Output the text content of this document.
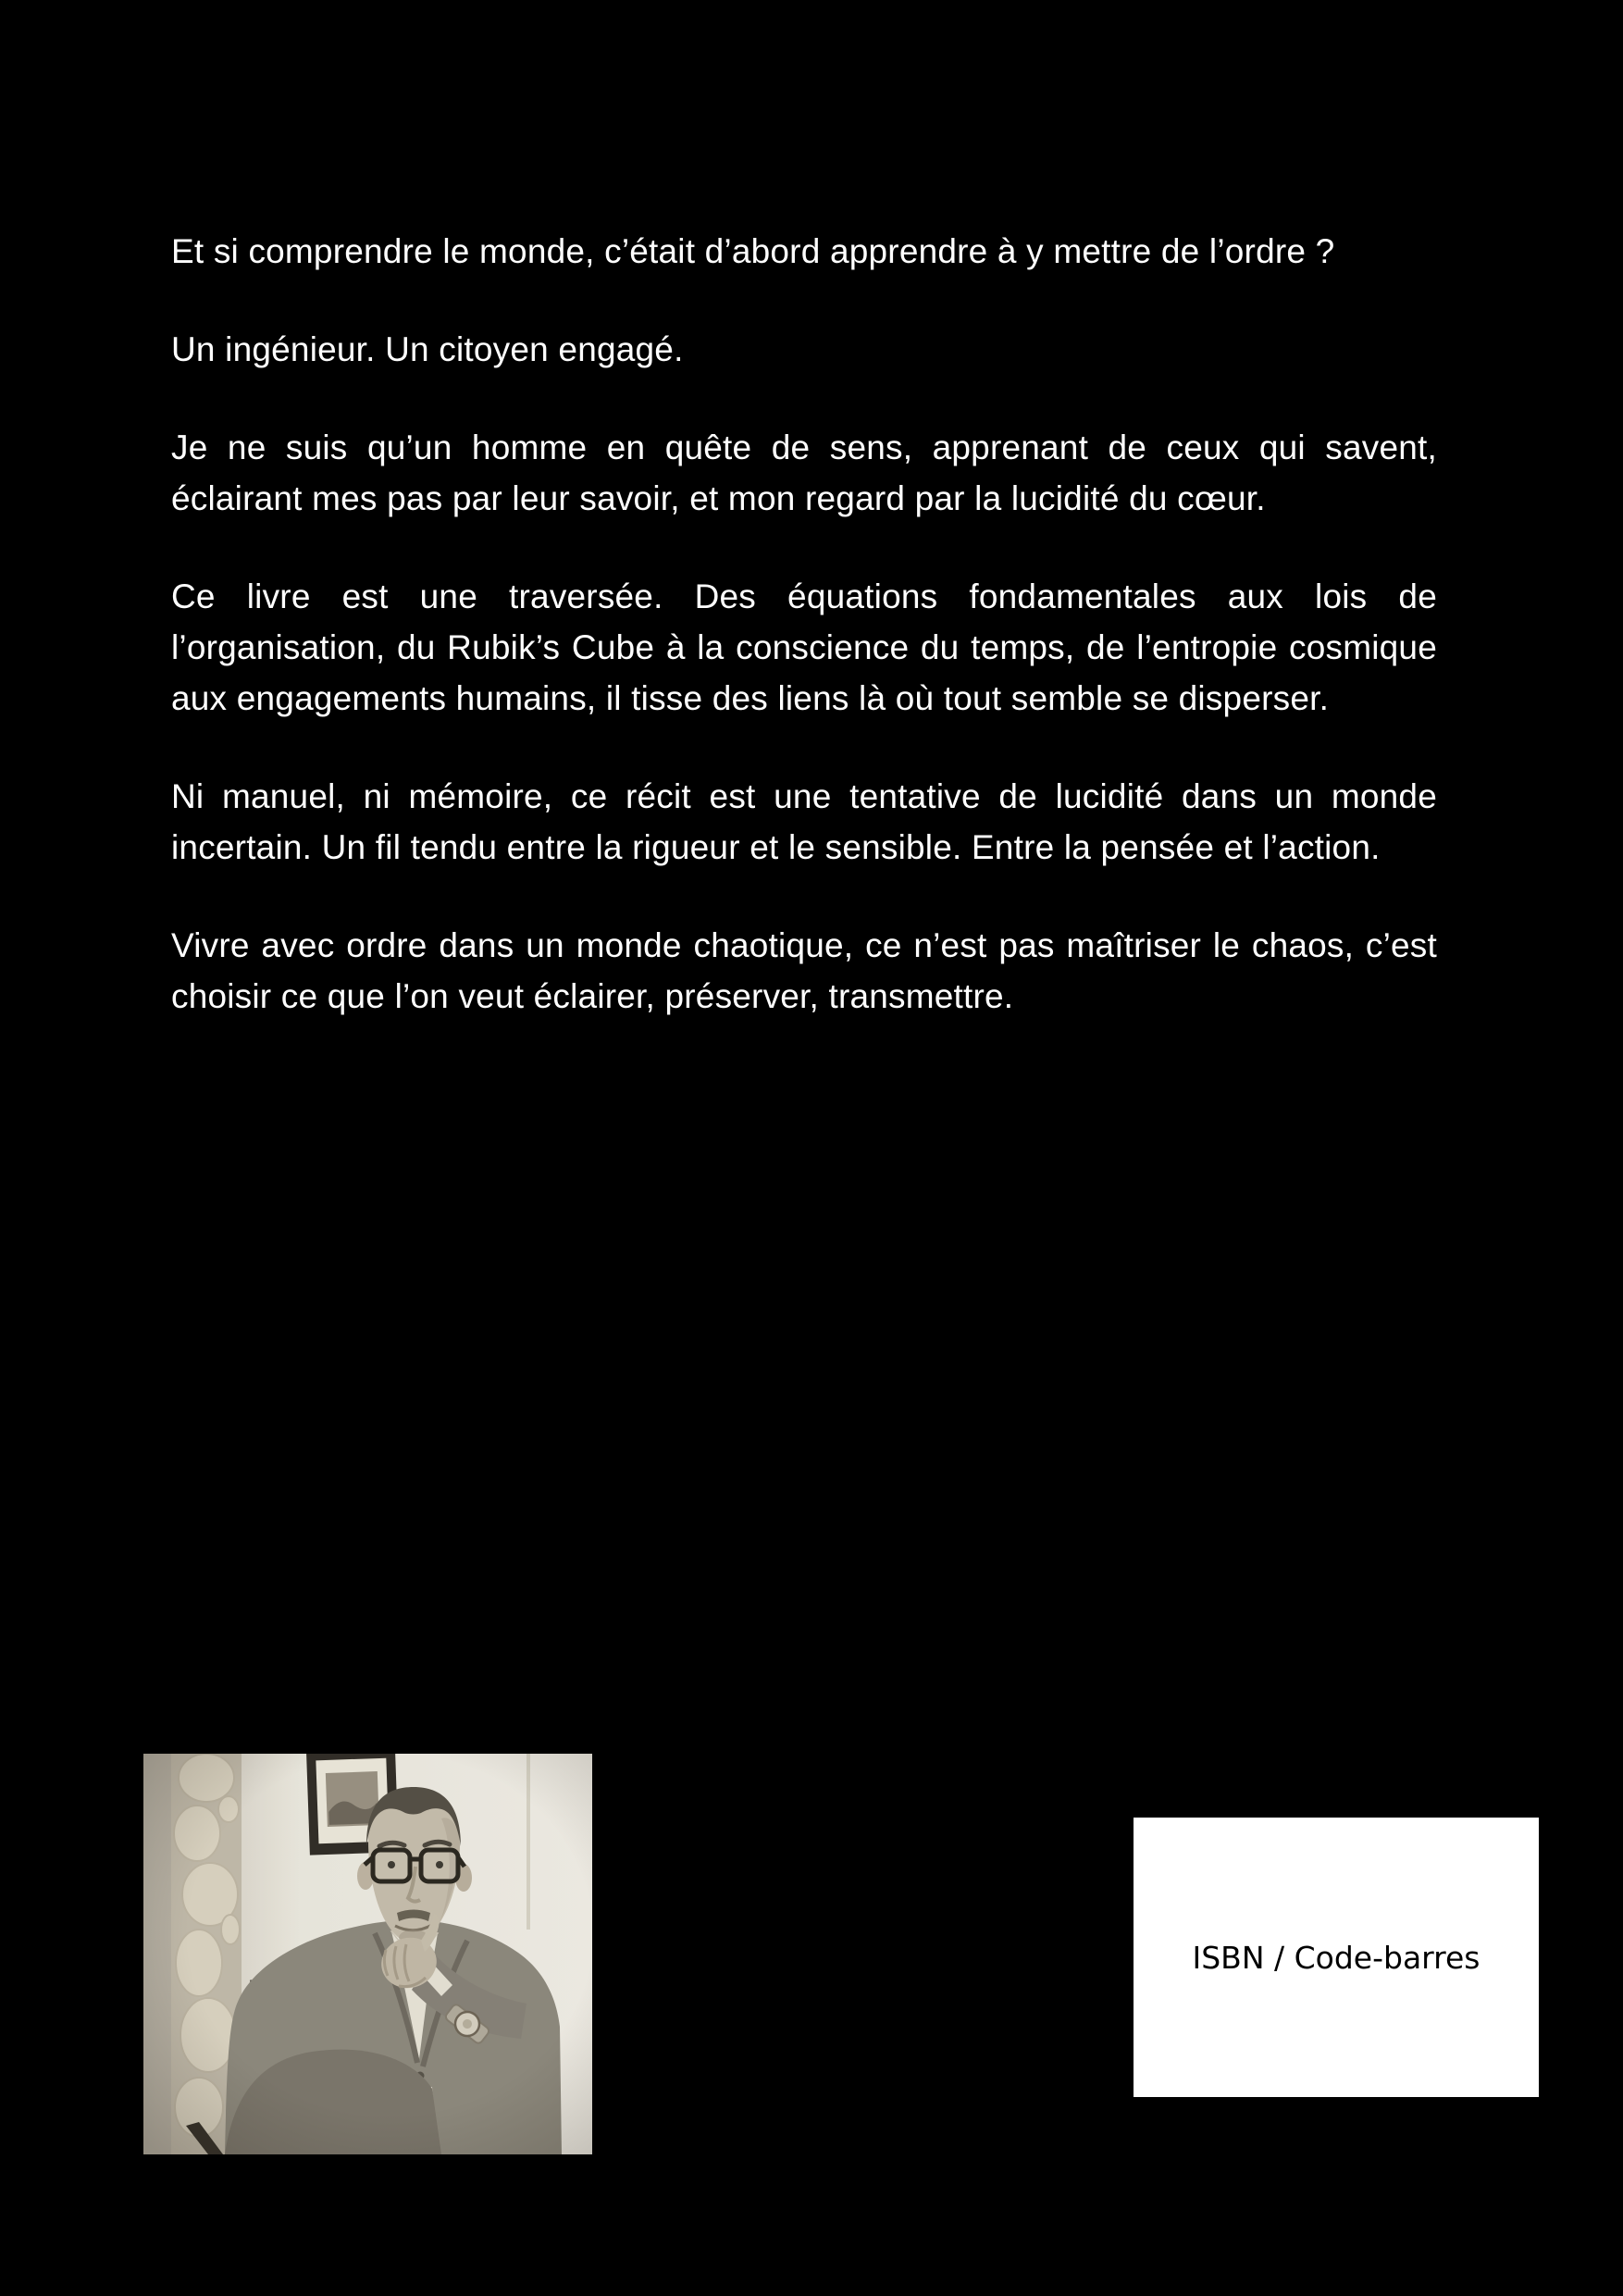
Et si comprendre le monde, c’était d’abord apprendre à y mettre de l’ordre ?

Un ingénieur. Un citoyen engagé.

Je ne suis qu’un homme en quête de sens, apprenant de ceux qui savent, éclairant mes pas par leur savoir, et mon regard par la lucidité du cœur.

Ce livre est une traversée. Des équations fondamentales aux lois de l’organisation, du Rubik’s Cube à la conscience du temps, de l’entropie cosmique aux engagements humains, il tisse des liens là où tout semble se disperser.

Ni manuel, ni mémoire, ce récit est une tentative de lucidité dans un monde incertain. Un fil tendu entre la rigueur et le sensible. Entre la pensée et l’action.

Vivre avec ordre dans un monde chaotique, ce n’est pas maîtriser le chaos, c’est choisir ce que l’on veut éclairer, préserver, transmettre.

ISBN / Code-barres
